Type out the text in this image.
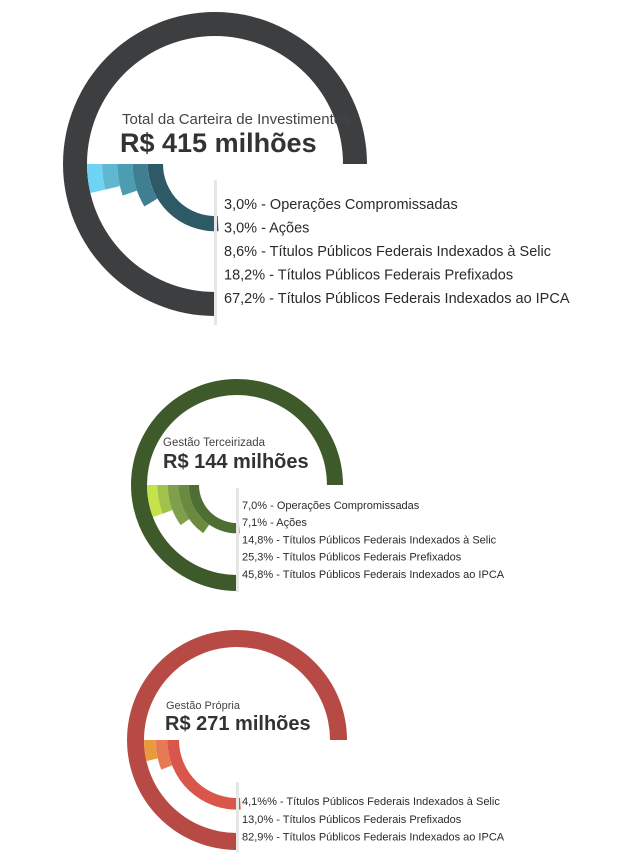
Total da Carteira de Investimentos
R$ 415 milhões
3,0% - Operações Compromissadas
3,0% - Ações
8,6% - Títulos Públicos Federais Indexados à Selic
18,2% - Títulos Públicos Federais Prefixados
67,2% - Títulos Públicos Federais Indexados ao IPCA
Gestão Terceirizada
R$ 144 milhões
7,0% - Operações Compromissadas
7,1% - Ações
14,8% - Títulos Públicos Federais Indexados à Selic
25,3% - Títulos Públicos Federais Prefixados
45,8% - Títulos Públicos Federais Indexados ao IPCA
Gestão Própria
R$ 271 milhões
4,1%% - Títulos Públicos Federais Indexados à Selic
13,0% - Títulos Públicos Federais Prefixados
82,9% - Títulos Públicos Federais Indexados ao IPCA
